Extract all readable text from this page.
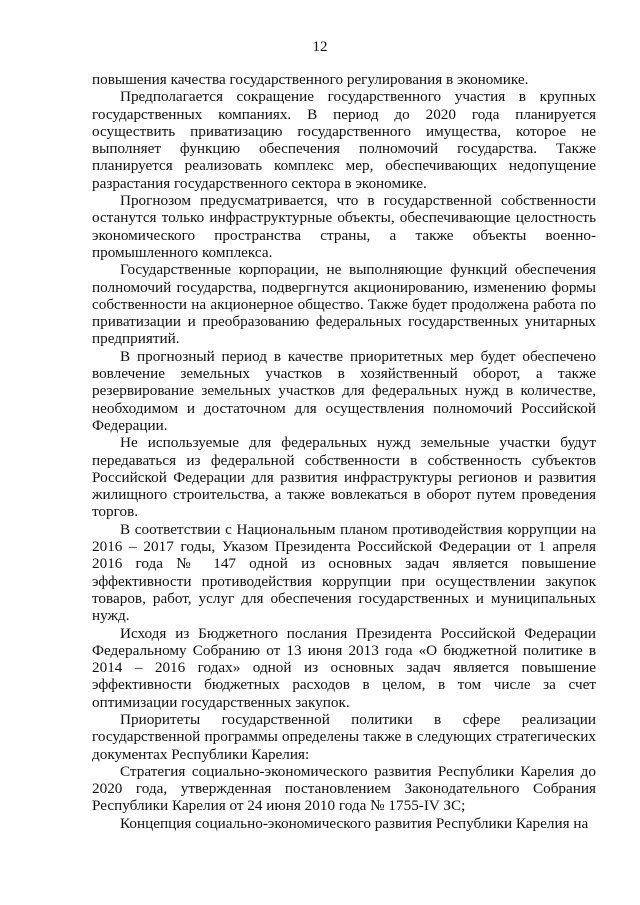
12

повышения качества государственного регулирования в экономике.

Предполагается сокращение государственного участия в крупных государственных компаниях. В период до 2020 года планируется осуществить приватизацию государственного имущества, которое не выполняет функцию обеспечения полномочий государства. Также планируется реализовать комплекс мер, обеспечивающих недопущение разрастания государственного сектора в экономике.

Прогнозом предусматривается, что в государственной собственности останутся только инфраструктурные объекты, обеспечивающие целостность экономического пространства страны, а также объекты военно-промышленного комплекса.

Государственные корпорации, не выполняющие функций обеспечения полномочий государства, подвергнутся акционированию, изменению формы собственности на акционерное общество. Также будет продолжена работа по приватизации и преобразованию федеральных государственных унитарных предприятий.

В прогнозный период в качестве приоритетных мер будет обеспечено вовлечение земельных участков в хозяйственный оборот, а также резервирование земельных участков для федеральных нужд в количестве, необходимом и достаточном для осуществления полномочий Российской Федерации.

Не используемые для федеральных нужд земельные участки будут передаваться из федеральной собственности в собственность субъектов Российской Федерации для развития инфраструктуры регионов и развития жилищного строительства, а также вовлекаться в оборот путем проведения торгов.

В соответствии с Национальным планом противодействия коррупции на 2016 – 2017 годы, Указом Президента Российской Федерации от 1 апреля 2016 года № 147 одной из основных задач является повышение эффективности противодействия коррупции при осуществлении закупок товаров, работ, услуг для обеспечения государственных и муниципальных нужд.

Исходя из Бюджетного послания Президента Российской Федерации Федеральному Собранию от 13 июня 2013 года «О бюджетной политике в 2014 – 2016 годах» одной из основных задач является повышение эффективности бюджетных расходов в целом, в том числе за счет оптимизации государственных закупок.

Приоритеты государственной политики в сфере реализации государственной программы определены также в следующих стратегических документах Республики Карелия:

Стратегия социально-экономического развития Республики Карелия до 2020 года, утвержденная постановлением Законодательного Собрания Республики Карелия от 24 июня 2010 года № 1755-IV ЗС;

Концепция социально-экономического развития Республики Карелия на
